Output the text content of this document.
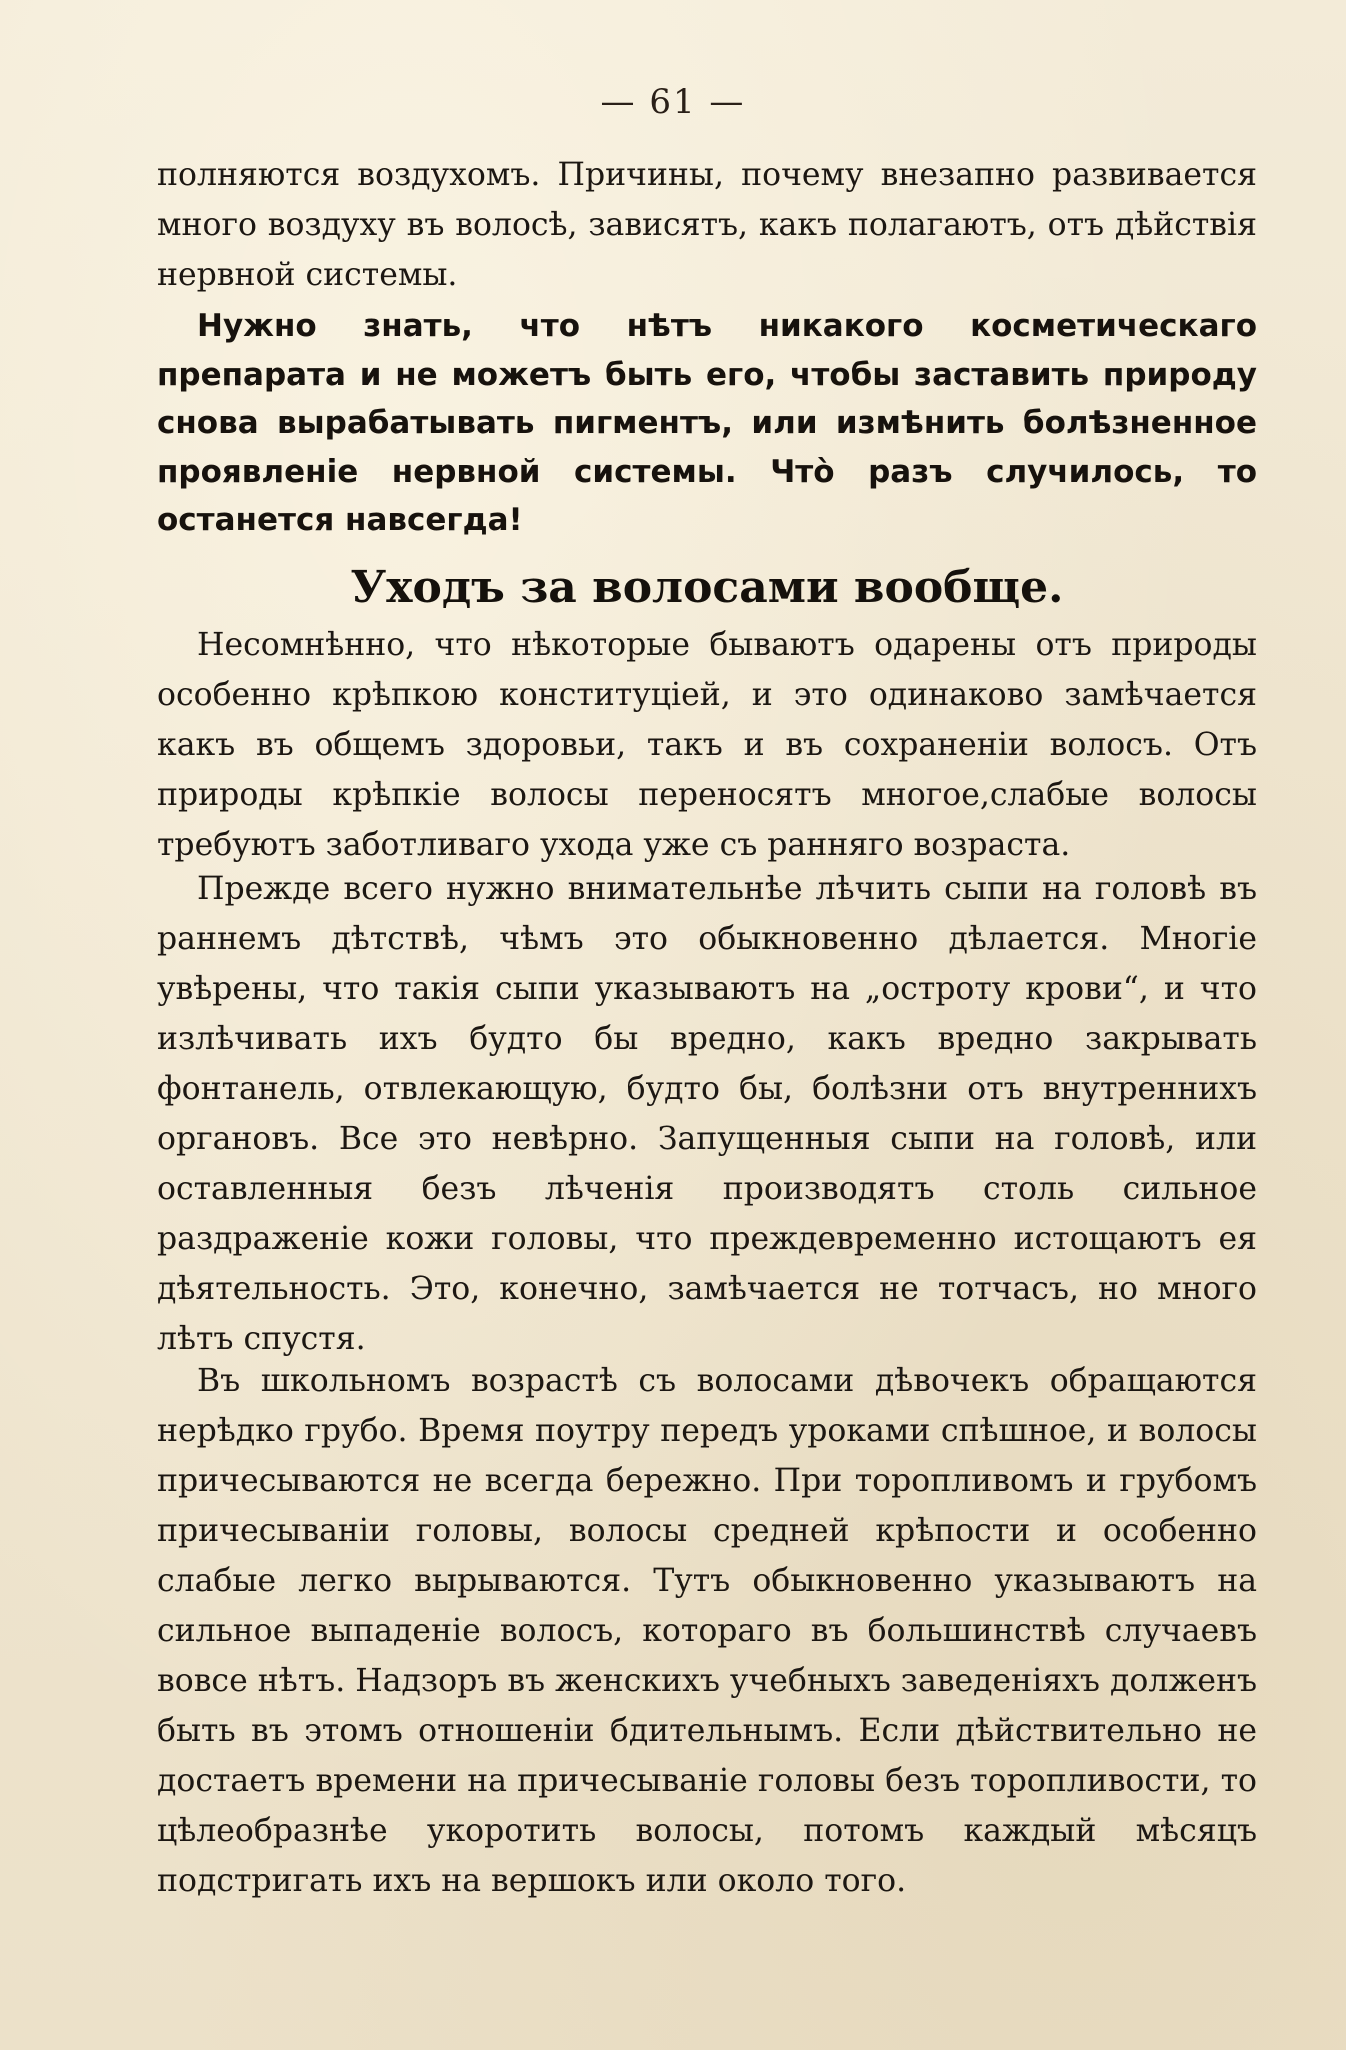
— 61 —

полняются воздухомъ. Причины, почему внезапно развивается много воздуху въ волосѣ, зависятъ, какъ полагаютъ, отъ дѣйствія нервной системы.

Нужно знать, что нѣтъ никакого косметическаго препарата и не можетъ быть его, чтобы заставить природу снова вырабатывать пигментъ, или измѣнить болѣзненное проявленіе нервной системы. Чтò разъ случилось, то останется навсегда!

Уходъ за волосами вообще.

Несомнѣнно, что нѣкоторые бываютъ одарены отъ природы особенно крѣпкою конституціей, и это одинаково замѣчается какъ въ общемъ здоровьи, такъ и въ сохраненіи волосъ. Отъ природы крѣпкіе волосы переносятъ многое,слабые волосы требуютъ заботливаго ухода уже съ ранняго возраста.

Прежде всего нужно внимательнѣе лѣчить сыпи на головѣ въ раннемъ дѣтствѣ, чѣмъ это обыкновенно дѣлается. Многіе увѣрены, что такія сыпи указываютъ на „остроту крови“, и что излѣчивать ихъ будто бы вредно, какъ вредно закрывать фонтанель, отвлекающую, будто бы, болѣзни отъ внутреннихъ органовъ. Все это невѣрно. Запущенныя сыпи на головѣ, или оставленныя безъ лѣченія производятъ столь сильное раздраженіе кожи головы, что преждевременно истощаютъ ея дѣятельность. Это, конечно, замѣчается не тотчасъ, но много лѣтъ спустя.

Въ школьномъ возрастѣ съ волосами дѣвочекъ обращаются нерѣдко грубо. Время поутру передъ уроками спѣшное, и волосы причесываются не всегда бережно. При торопливомъ и грубомъ причесываніи головы, волосы средней крѣпости и особенно слабые легко вырываются. Тутъ обыкновенно указываютъ на сильное выпаденіе волосъ, котораго въ большинствѣ случаевъ вовсе нѣтъ. Надзоръ въ женскихъ учебныхъ заведеніяхъ долженъ быть въ этомъ отношеніи бдительнымъ. Если дѣйствительно не достаетъ времени на причесываніе головы безъ торопливости, то цѣлеобразнѣе укоротить волосы, потомъ каждый мѣсяцъ подстригать ихъ на вершокъ или около того.
